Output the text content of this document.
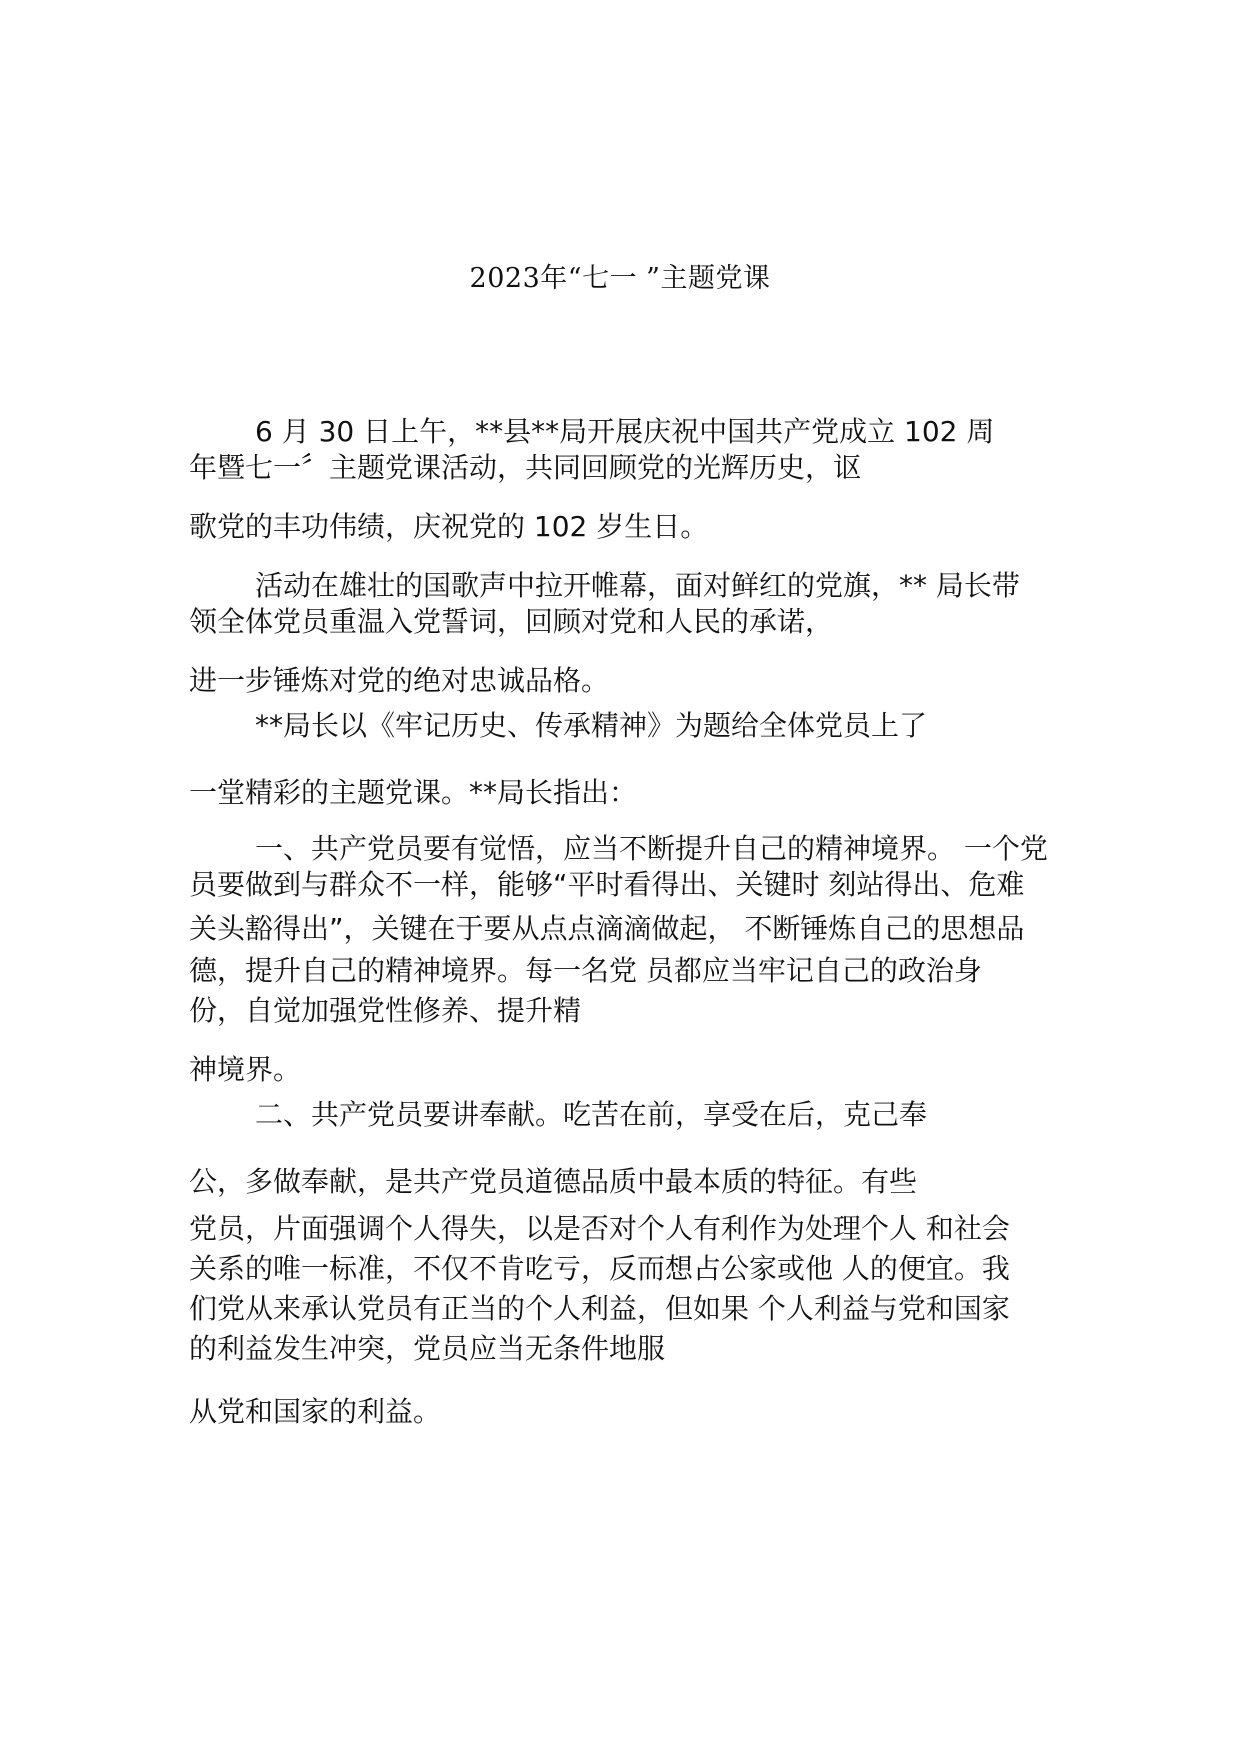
2023年“七一 ”主题党课

6 月 30 日上午，**县**局开展庆祝中国共产党成立 102 周

年暨七一〞主题党课活动，共同回顾党的光辉历史，讴

歌党的丰功伟绩，庆祝党的 102 岁生日。

活动在雄壮的国歌声中拉开帷幕，面对鲜红的党旗，** 局长带

领全体党员重温入党誓词，回顾对党和人民的承诺，

进一步锤炼对党的绝对忠诚品格。

**局长以《牢记历史、传承精神》为题给全体党员上了

一堂精彩的主题党课。**局长指出：

一、共产党员要有觉悟，应当不断提升自己的精神境界。 一个党

员要做到与群众不一样，能够“平时看得出、关键时 刻站得出、危难

关头豁得出”，关键在于要从点点滴滴做起， 不断锤炼自己的思想品

德，提升自己的精神境界。每一名党 员都应当牢记自己的政治身

份，自觉加强党性修养、提升精

神境界。

二、共产党员要讲奉献。吃苦在前，享受在后，克己奉

公，多做奉献，是共产党员道德品质中最本质的特征。有些

党员，片面强调个人得失，以是否对个人有利作为处理个人 和社会

关系的唯一标准，不仅不肯吃亏，反而想占公家或他 人的便宜。我

们党从来承认党员有正当的个人利益，但如果 个人利益与党和国家

的利益发生冲突，党员应当无条件地服

从党和国家的利益。
